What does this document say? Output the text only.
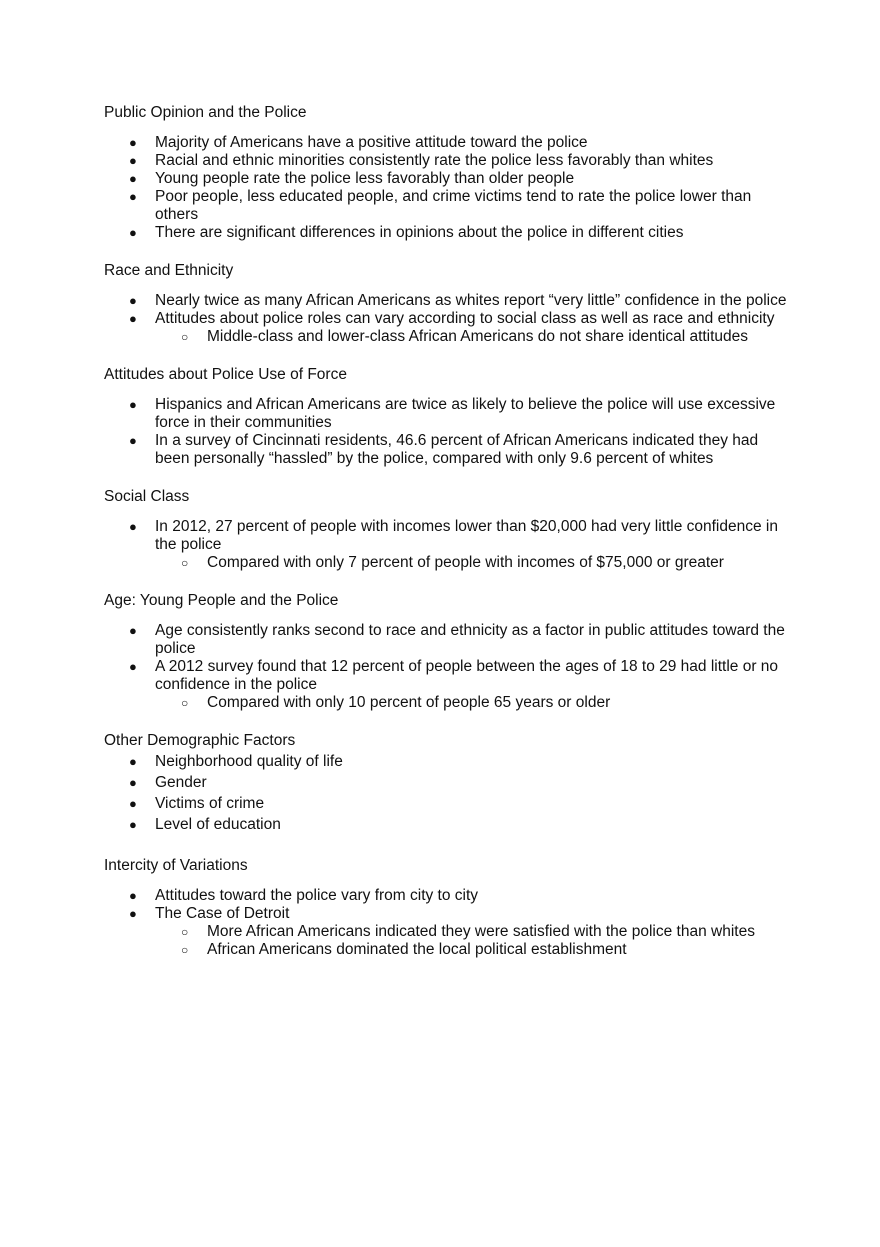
Public Opinion and the Police
● Majority of Americans have a positive attitude toward the police
● Racial and ethnic minorities consistently rate the police less favorably than whites
● Young people rate the police less favorably than older people
● Poor people, less educated people, and crime victims tend to rate the police lower than others
● There are significant differences in opinions about the police in different cities
Race and Ethnicity
● Nearly twice as many African Americans as whites report “very little” confidence in the police
● Attitudes about police roles can vary according to social class as well as race and ethnicity
○ Middle-class and lower-class African Americans do not share identical attitudes
Attitudes about Police Use of Force
● Hispanics and African Americans are twice as likely to believe the police will use excessive force in their communities
● In a survey of Cincinnati residents, 46.6 percent of African Americans indicated they had been personally “hassled” by the police, compared with only 9.6 percent of whites
Social Class
● In 2012, 27 percent of people with incomes lower than $20,000 had very little confidence in the police
○ Compared with only 7 percent of people with incomes of $75,000 or greater
Age: Young People and the Police
● Age consistently ranks second to race and ethnicity as a factor in public attitudes toward the police
● A 2012 survey found that 12 percent of people between the ages of 18 to 29 had little or no confidence in the police
○ Compared with only 10 percent of people 65 years or older
Other Demographic Factors
● Neighborhood quality of life
● Gender
● Victims of crime
● Level of education
Intercity of Variations
● Attitudes toward the police vary from city to city
● The Case of Detroit
○ More African Americans indicated they were satisfied with the police than whites
○ African Americans dominated the local political establishment
